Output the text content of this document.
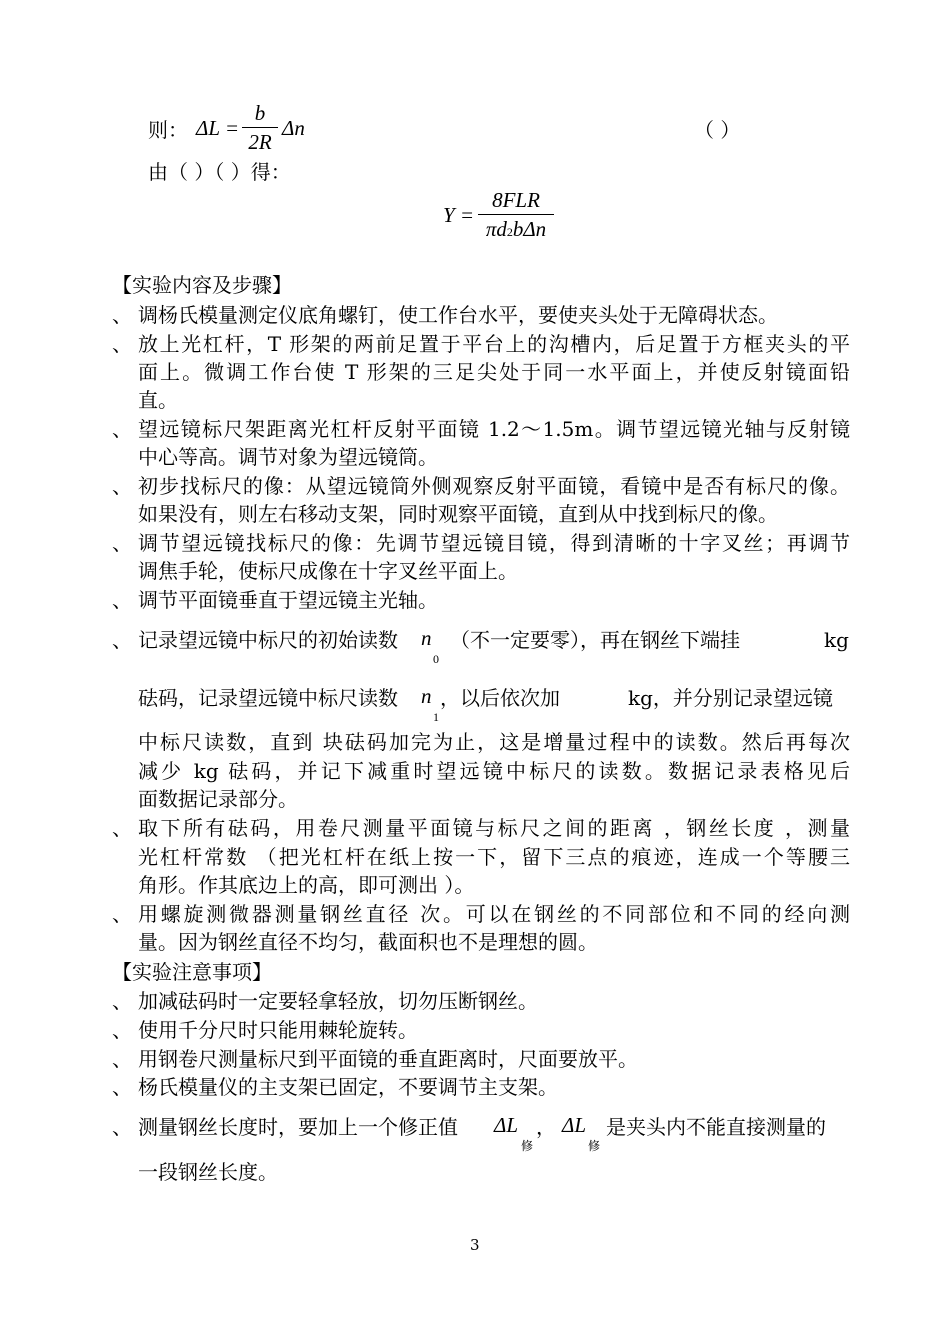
则： ΔL =
b
2R
Δn	（ ）
由（ ）（ ）得：
Y =
8FLR
πd2bΔn
【实验内容及步骤】
、 调杨氏模量测定仪底角螺钉，使工作台水平，要使夹头处于无障碍状态。
、 放上光杠杆，T 形架的两前足置于平台上的沟槽内，后足置于方框夹头的平
面上。微调工作台使 T 形架的三足尖处于同一水平面上，并使反射镜面铅
直。
、 望远镜标尺架距离光杠杆反射平面镜 1.2～1.5m。调节望远镜光轴与反射镜
中心等高。调节对象为望远镜筒。
、 初步找标尺的像：从望远镜筒外侧观察反射平面镜，看镜中是否有标尺的像。
如果没有，则左右移动支架，同时观察平面镜，直到从中找到标尺的像。
、 调节望远镜找标尺的像：先调节望远镜目镜，得到清晰的十字叉丝；再调节
调焦手轮，使标尺成像在十字叉丝平面上。
、 调节平面镜垂直于望远镜主光轴。
、 记录望远镜中标尺的初始读数 n
0
（不一定要零），再在钢丝下端挂	kg
砝码，记录望远镜中标尺读数 n
1
，以后依次加	kg，并分别记录望远镜
中标尺读数，直到 块砝码加完为止，这是增量过程中的读数。然后再每次
减少 kg 砝码，并记下减重时望远镜中标尺的读数。数据记录表格见后
面数据记录部分。
、 取下所有砝码，用卷尺测量平面镜与标尺之间的距离 ，钢丝长度 ，测量
光杠杆常数 （把光杠杆在纸上按一下，留下三点的痕迹，连成一个等腰三
角形。作其底边上的高，即可测出 ）。
、 用螺旋测微器测量钢丝直径 次。可以在钢丝的不同部位和不同的经向测
量。因为钢丝直径不均匀，截面积也不是理想的圆。
【实验注意事项】
、 加减砝码时一定要轻拿轻放，切勿压断钢丝。
、 使用千分尺时只能用棘轮旋转。
、 用钢卷尺测量标尺到平面镜的垂直距离时，尺面要放平。
、 杨氏模量仪的主支架已固定，不要调节主支架。
、 测量钢丝长度时，要加上一个修正值 ΔL
修
， ΔL
修
是夹头内不能直接测量的
一段钢丝长度。
3
